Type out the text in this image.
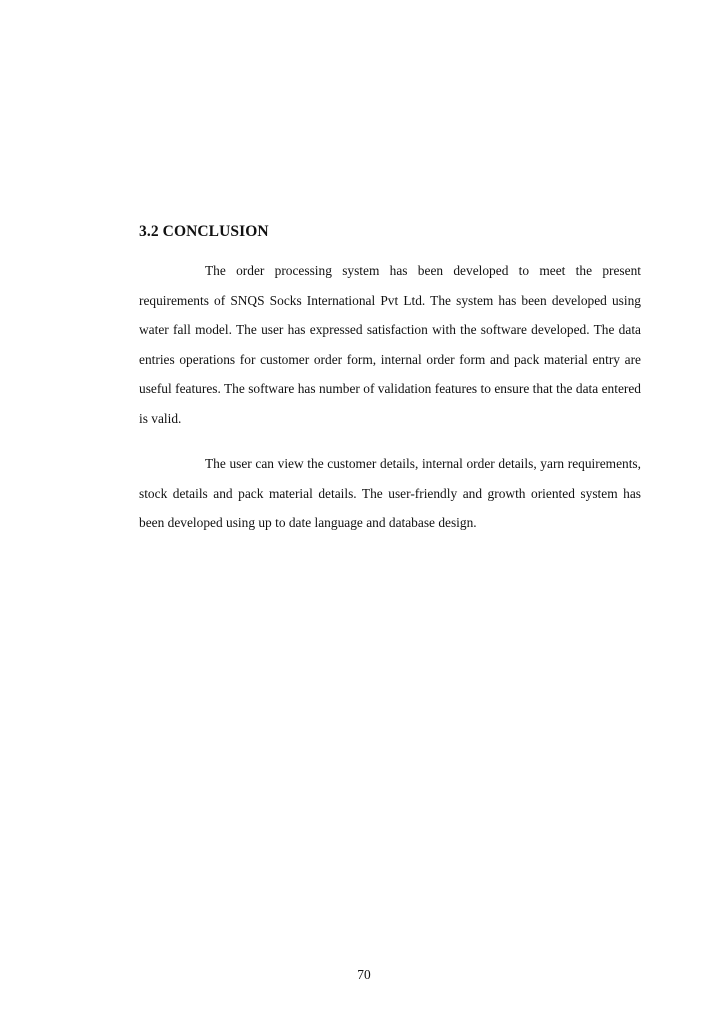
3.2 CONCLUSION

The order processing system has been developed to meet the present requirements of SNQS Socks International Pvt Ltd. The system has been developed using water fall model. The user has expressed satisfaction with the software developed. The data entries operations for customer order form, internal order form and pack material entry are useful features. The software has number of validation features to ensure that the data entered is valid.

The user can view the customer details, internal order details, yarn requirements, stock details and pack material details. The user-friendly and growth oriented system has been developed using up to date language and database design.

70
